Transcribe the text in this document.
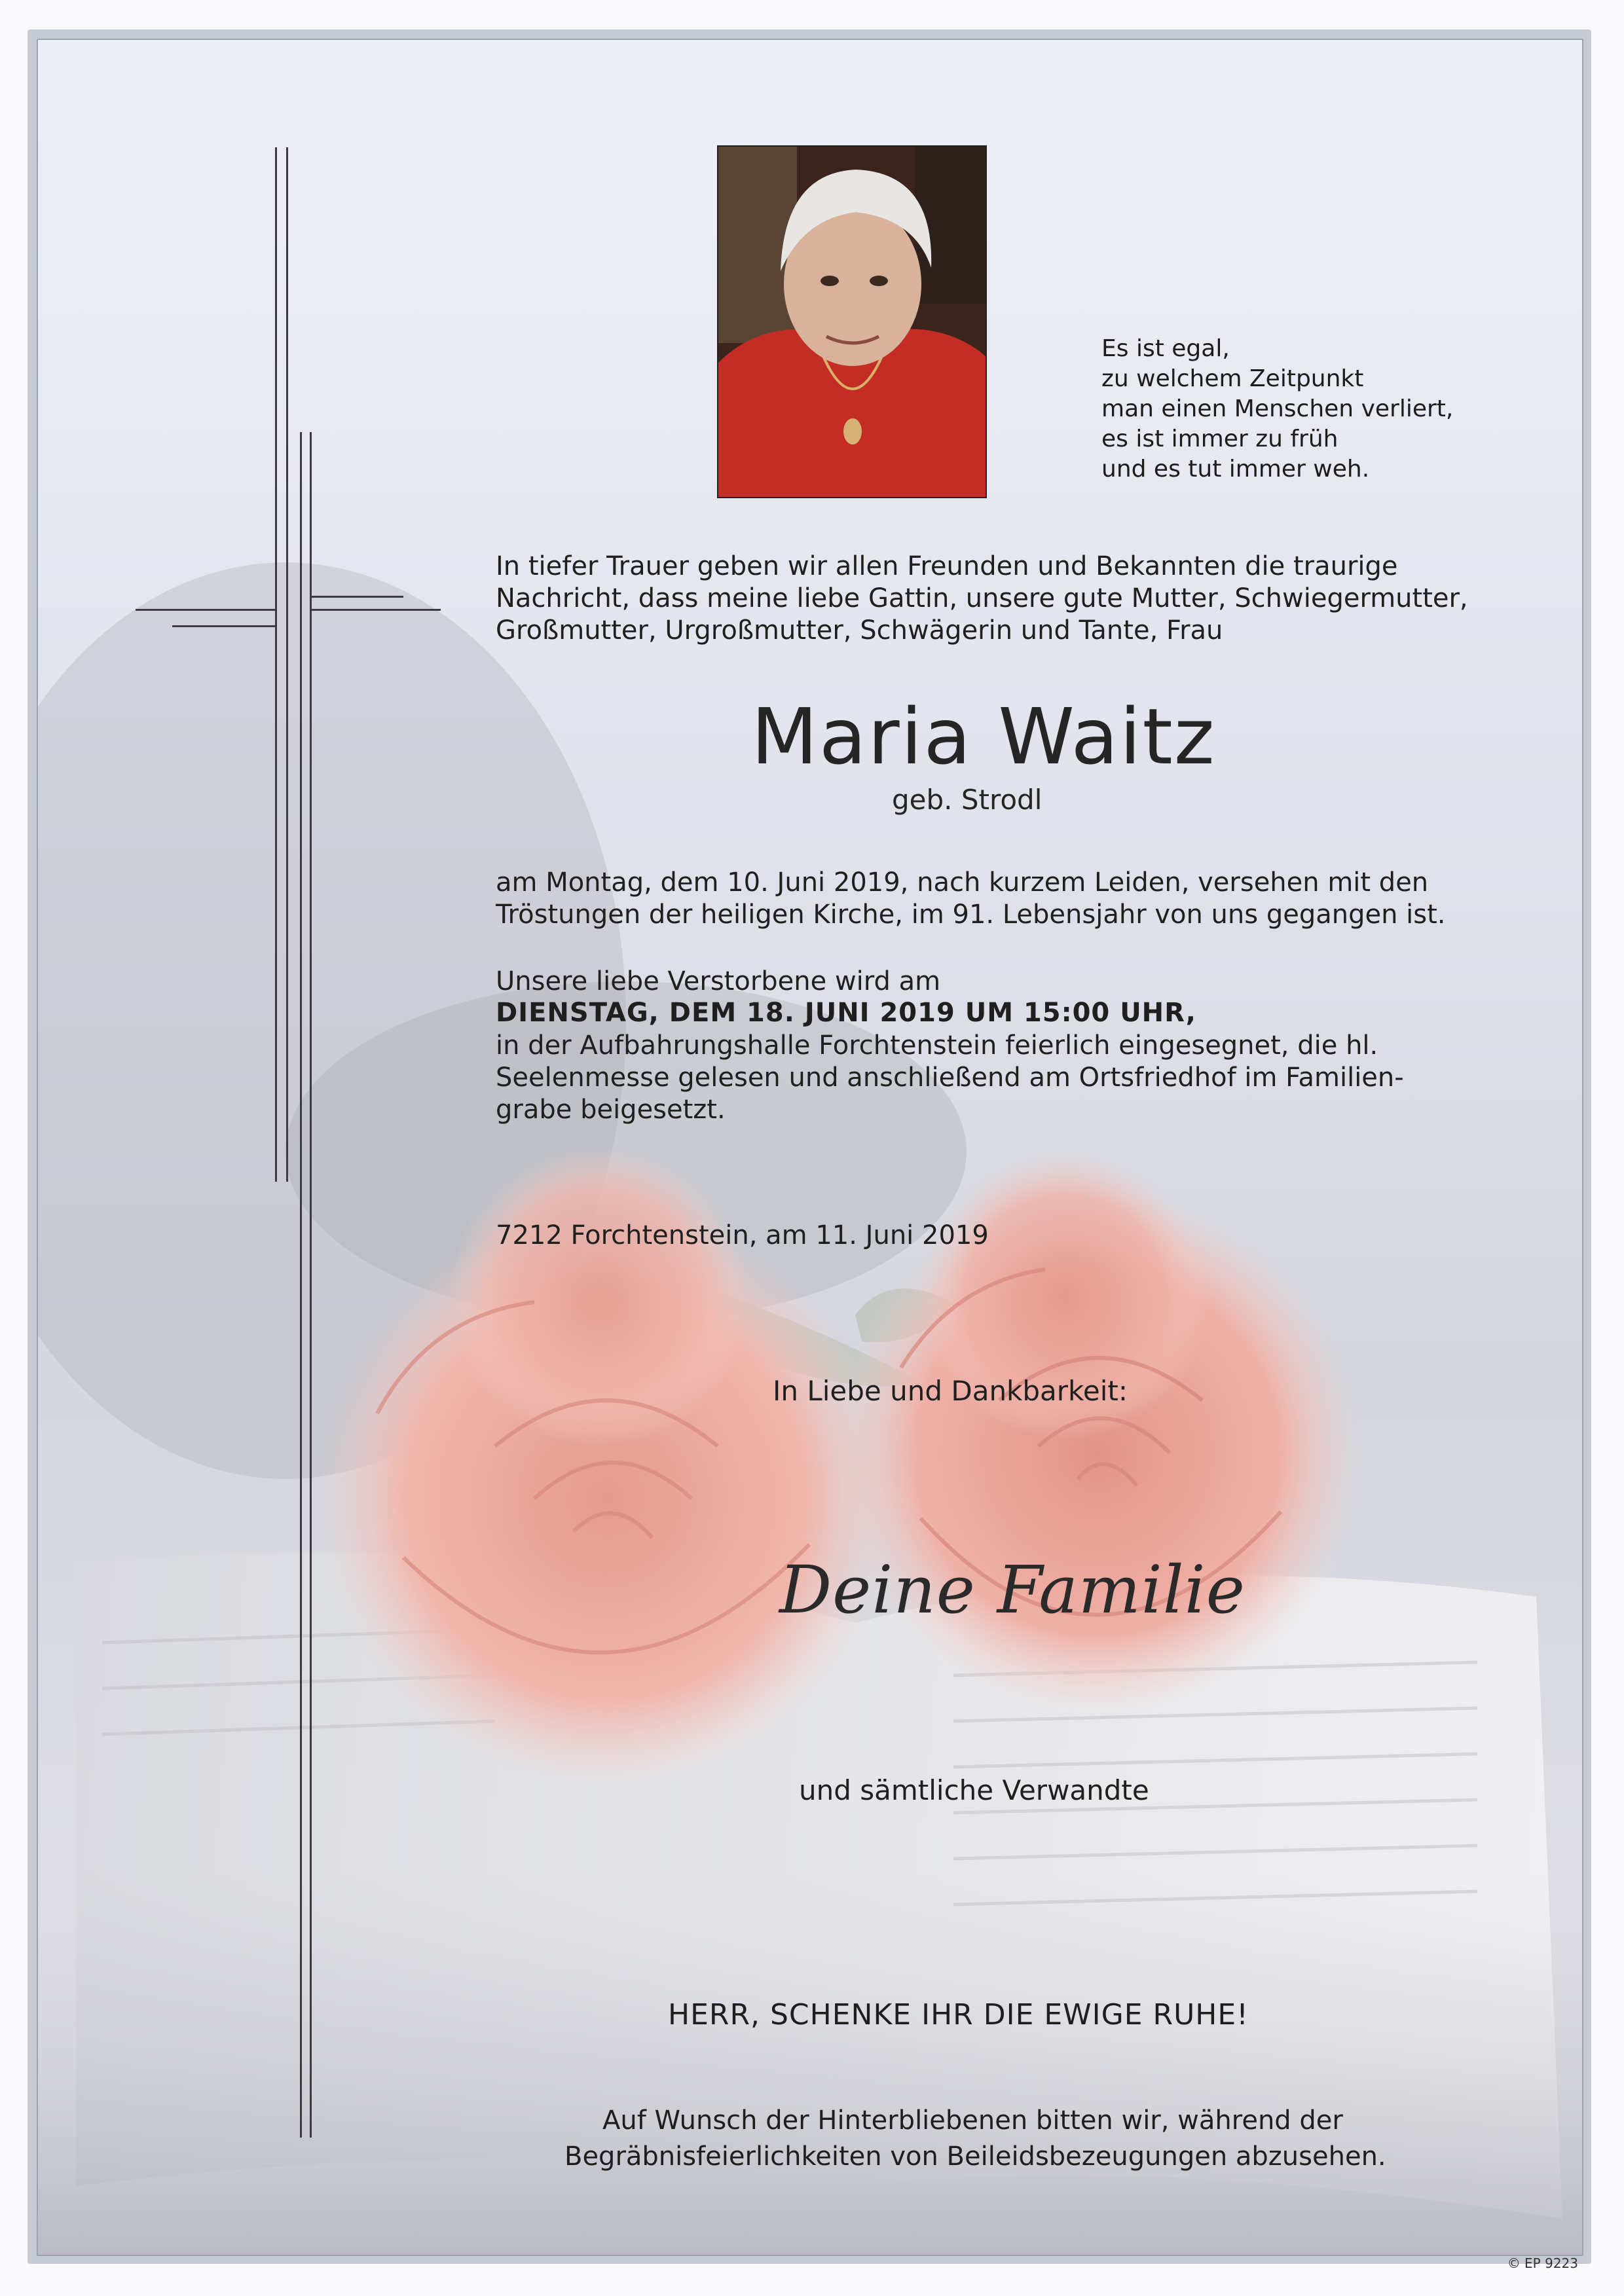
Es ist egal,
zu welchem Zeitpunkt
man einen Menschen verliert,
es ist immer zu früh
und es tut immer weh.
In tiefer Trauer geben wir allen Freunden und Bekannten die traurige
Nachricht, dass meine liebe Gattin, unsere gute Mutter, Schwiegermutter,
Großmutter, Urgroßmutter, Schwägerin und Tante, Frau
Maria Waitz
geb. Strodl
am Montag, dem 10. Juni 2019, nach kurzem Leiden, versehen mit den
Tröstungen der heiligen Kirche, im 91. Lebensjahr von uns gegangen ist.
Unsere liebe Verstorbene wird am
DIENSTAG, DEM 18. JUNI 2019 UM 15:00 UHR,
in der Aufbahrungshalle Forchtenstein feierlich eingesegnet, die hl.
Seelenmesse gelesen und anschließend am Ortsfriedhof im Familien-
grabe beigesetzt.
7212 Forchtenstein, am 11. Juni 2019
In Liebe und Dankbarkeit:
Deine Familie
und sämtliche Verwandte
HERR, SCHENKE IHR DIE EWIGE RUHE!
Auf Wunsch der Hinterbliebenen bitten wir, während der
Begräbnisfeierlichkeiten von Beileidsbezeugungen abzusehen.
© EP 9223
